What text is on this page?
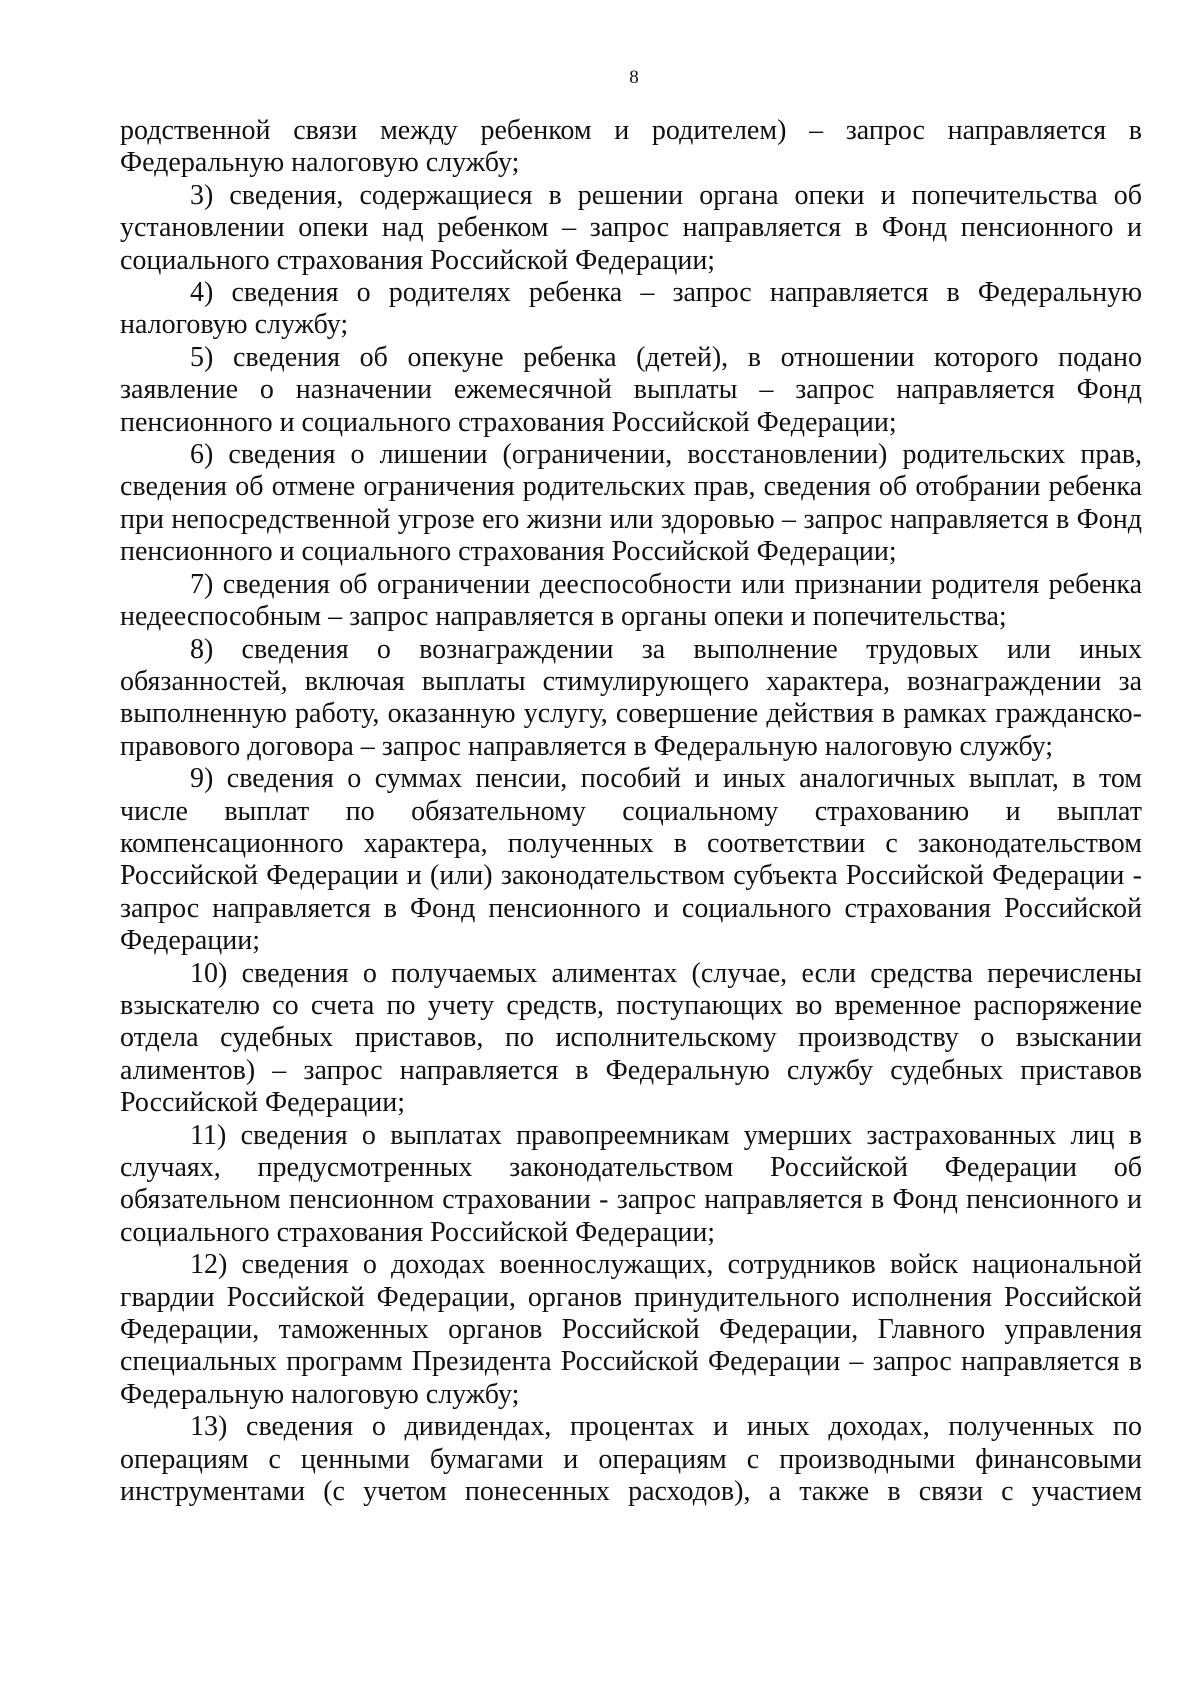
8

родственной связи между ребенком и родителем) – запрос направляется в Федеральную налоговую службу;

3) сведения, содержащиеся в решении органа опеки и попечительства об установлении опеки над ребенком – запрос направляется в Фонд пенсионного и социального страхования Российской Федерации;

4) сведения о родителях ребенка – запрос направляется в Федеральную налоговую службу;

5) сведения об опекуне ребенка (детей), в отношении которого подано заявление о назначении ежемесячной выплаты – запрос направляется Фонд пенсионного и социального страхования Российской Федерации;

6) сведения о лишении (ограничении, восстановлении) родительских прав, сведения об отмене ограничения родительских прав, сведения об отобрании ребенка при непосредственной угрозе его жизни или здоровью – запрос направляется в Фонд пенсионного и социального страхования Российской Федерации;

7) сведения об ограничении дееспособности или признании родителя ребенка недееспособным – запрос направляется в органы опеки и попечительства;

8) сведения о вознаграждении за выполнение трудовых или иных обязанностей, включая выплаты стимулирующего характера, вознаграждении за выполненную работу, оказанную услугу, совершение действия в рамках гражданско-правового договора – запрос направляется в Федеральную налоговую службу;

9) сведения о суммах пенсии, пособий и иных аналогичных выплат, в том числе выплат по обязательному социальному страхованию и выплат компенсационного характера, полученных в соответствии с законодательством Российской Федерации и (или) законодательством субъекта Российской Федерации - запрос направляется в Фонд пенсионного и социального страхования Российской Федерации;

10) сведения о получаемых алиментах (случае, если средства перечислены взыскателю со счета по учету средств, поступающих во временное распоряжение отдела судебных приставов, по исполнительскому производству о взыскании алиментов) – запрос направляется в Федеральную службу судебных приставов Российской Федерации;

11) сведения о выплатах правопреемникам умерших застрахованных лиц в случаях, предусмотренных законодательством Российской Федерации об обязательном пенсионном страховании - запрос направляется в Фонд пенсионного и социального страхования Российской Федерации;

12) сведения о доходах военнослужащих, сотрудников войск национальной гвардии Российской Федерации, органов принудительного исполнения Российской Федерации, таможенных органов Российской Федерации, Главного управления специальных программ Президента Российской Федерации – запрос направляется в Федеральную налоговую службу;

13) сведения о дивидендах, процентах и иных доходах, полученных по операциям с ценными бумагами и операциям с производными финансовыми инструментами (с учетом понесенных расходов), а также в связи с участием
